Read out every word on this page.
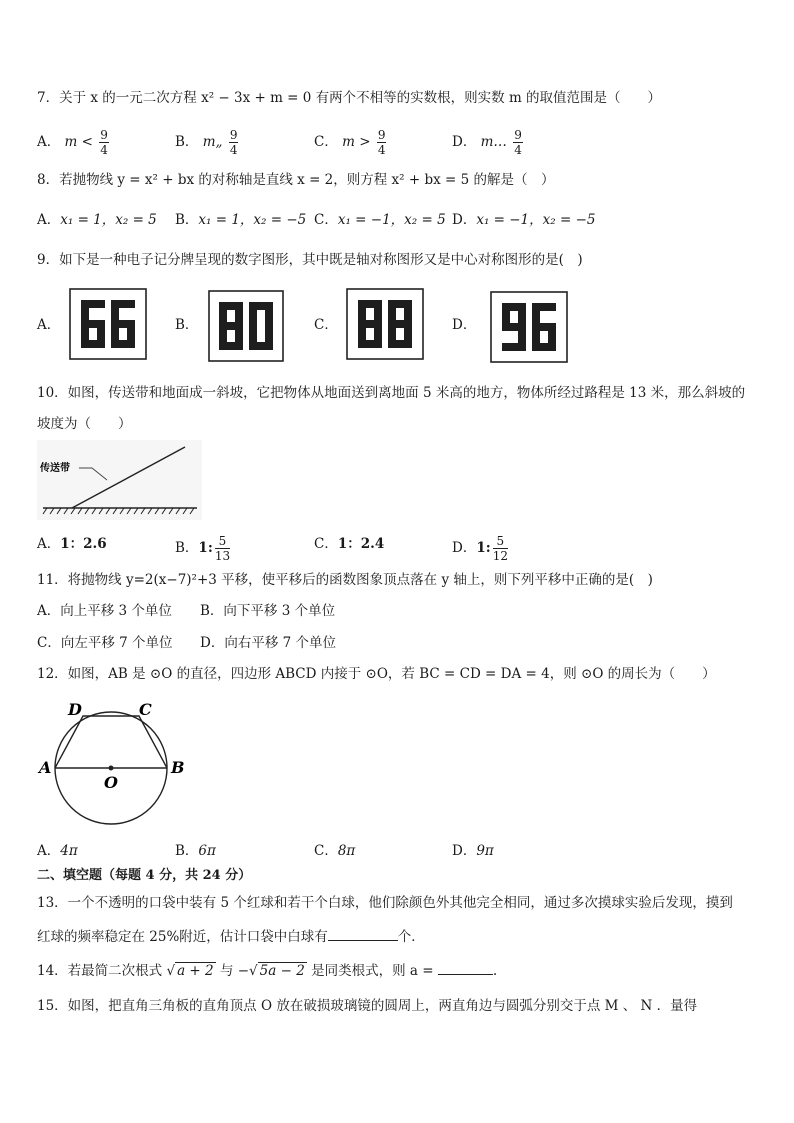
7．关于 x 的一元二次方程 x² − 3x + m = 0 有两个不相等的实数根，则实数 m 的取值范围是（　　）
A． $m < \frac{9}{4}$	B． m„ $\frac{9}{4}$	C． $m > \frac{9}{4}$	D． m… $\frac{9}{4}$
8．若抛物线 y = x² + bx 的对称轴是直线 x = 2，则方程 x² + bx = 5 的解是（　）
A．x₁ = 1，x₂ = 5 B．x₁ = 1，x₂ = −5 C．x₁ = −1，x₂ = 5 D．x₁ = −1，x₂ = −5
9．如下是一种电子记分牌呈现的数字图形，其中既是轴对称图形又是中心对称图形的是(　)
A．	B．	C．	D．
10．如图，传送带和地面成一斜坡，它把物体从地面送到离地面 5 米高的地方，物体所经过路程是 13 米，那么斜坡的
坡度为（　　）
传送带
A．1：2.6	B．1: $\frac{5}{13}$	C．1：2.4	D．1: $\frac{5}{12}$
11．将抛物线 y=2(x−7)²+3 平移，使平移后的函数图象顶点落在 y 轴上，则下列平移中正确的是(　)
A．向上平移 3 个单位 B．向下平移 3 个单位
C．向左平移 7 个单位 D．向右平移 7 个单位
12．如图，AB 是 ⊙O 的直径，四边形 ABCD 内接于 ⊙O，若 BC = CD = DA = 4，则 ⊙O 的周长为（　　）
A	B
C
D
O
A．4π	B．6π	C．8π	D．9π
二、填空题（每题 4 分，共 24 分）
13．一个不透明的口袋中装有 5 个红球和若干个白球，他们除颜色外其他完全相同，通过多次摸球实验后发现，摸到
红球的频率稳定在 25%附近，估计口袋中白球有	个．
14．若最简二次根式 √ a + 2 与 −√ 5a − 2 是同类根式，则 a =	.
15．如图，把直角三角板的直角顶点 O 放在破损玻璃镜的圆周上，两直角边与圆弧分别交于点 M 、 N ．量得
